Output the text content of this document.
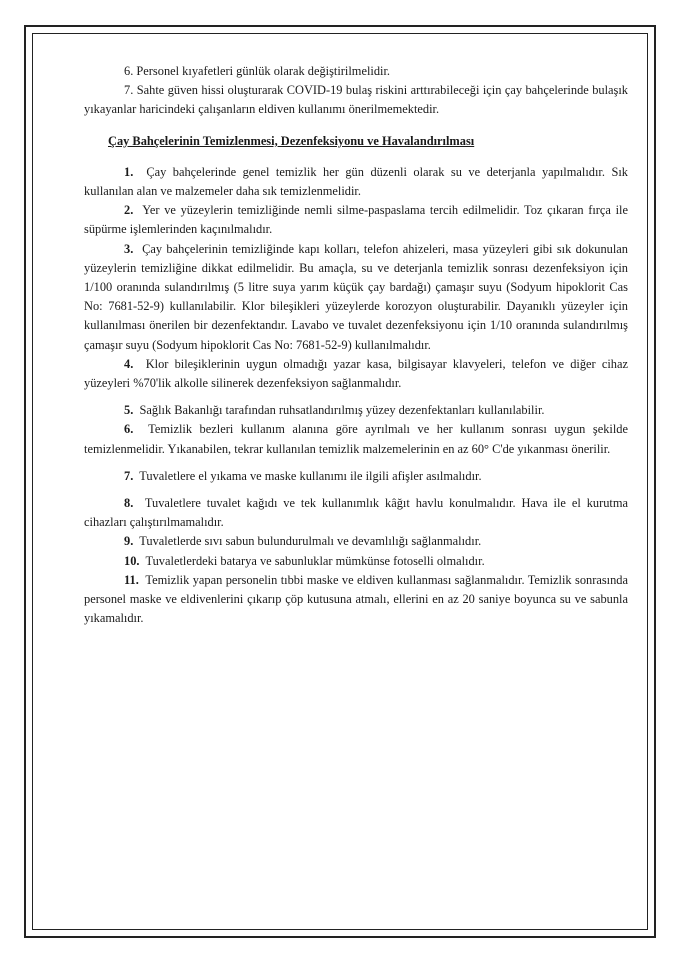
6. Personel kıyafetleri günlük olarak değiştirilmelidir.

7. Sahte güven hissi oluşturarak COVID-19 bulaş riskini arttırabileceği için çay bahçelerinde bulaşık yıkayanlar haricindeki çalışanların eldiven kullanımı önerilmemektedir.

Çay Bahçelerinin Temizlenmesi, Dezenfeksiyonu ve Havalandırılması

1. Çay bahçelerinde genel temizlik her gün düzenli olarak su ve deterjanla yapılmalıdır. Sık kullanılan alan ve malzemeler daha sık temizlenmelidir.

2. Yer ve yüzeylerin temizliğinde nemli silme-paspaslama tercih edilmelidir. Toz çıkaran fırça ile süpürme işlemlerinden kaçınılmalıdır.

3. Çay bahçelerinin temizliğinde kapı kolları, telefon ahizeleri, masa yüzeyleri gibi sık dokunulan yüzeylerin temizliğine dikkat edilmelidir. Bu amaçla, su ve deterjanla temizlik sonrası dezenfeksiyon için 1/100 oranında sulandırılmış (5 litre suya yarım küçük çay bardağı) çamaşır suyu (Sodyum hipoklorit Cas No: 7681-52-9) kullanılabilir. Klor bileşikleri yüzeylerde korozyon oluşturabilir. Dayanıklı yüzeyler için kullanılması önerilen bir dezenfektandır. Lavabo ve tuvalet dezenfeksiyonu için 1/10 oranında sulandırılmış çamaşır suyu (Sodyum hipoklorit Cas No: 7681-52-9) kullanılmalıdır.

4. Klor bileşiklerinin uygun olmadığı yazar kasa, bilgisayar klavyeleri, telefon ve diğer cihaz yüzeyleri %70'lik alkolle silinerek dezenfeksiyon sağlanmalıdır.

5. Sağlık Bakanlığı tarafından ruhsatlandırılmış yüzey dezenfektanları kullanılabilir.

6. Temizlik bezleri kullanım alanına göre ayrılmalı ve her kullanım sonrası uygun şekilde temizlenmelidir. Yıkanabilen, tekrar kullanılan temizlik malzemelerinin en az 60° C'de yıkanması önerilir.

7. Tuvaletlere el yıkama ve maske kullanımı ile ilgili afişler asılmalıdır.

8. Tuvaletlere tuvalet kağıdı ve tek kullanımlık kâğıt havlu konulmalıdır. Hava ile el kurutma cihazları çalıştırılmamalıdır.

9. Tuvaletlerde sıvı sabun bulundurulmalı ve devamlılığı sağlanmalıdır.

10. Tuvaletlerdeki batarya ve sabunluklar mümkünse fotoselli olmalıdır.

11. Temizlik yapan personelin tıbbi maske ve eldiven kullanması sağlanmalıdır. Temizlik sonrasında personel maske ve eldivenlerini çıkarıp çöp kutusuna atmalı, ellerini en az 20 saniye boyunca su ve sabunla yıkamalıdır.
